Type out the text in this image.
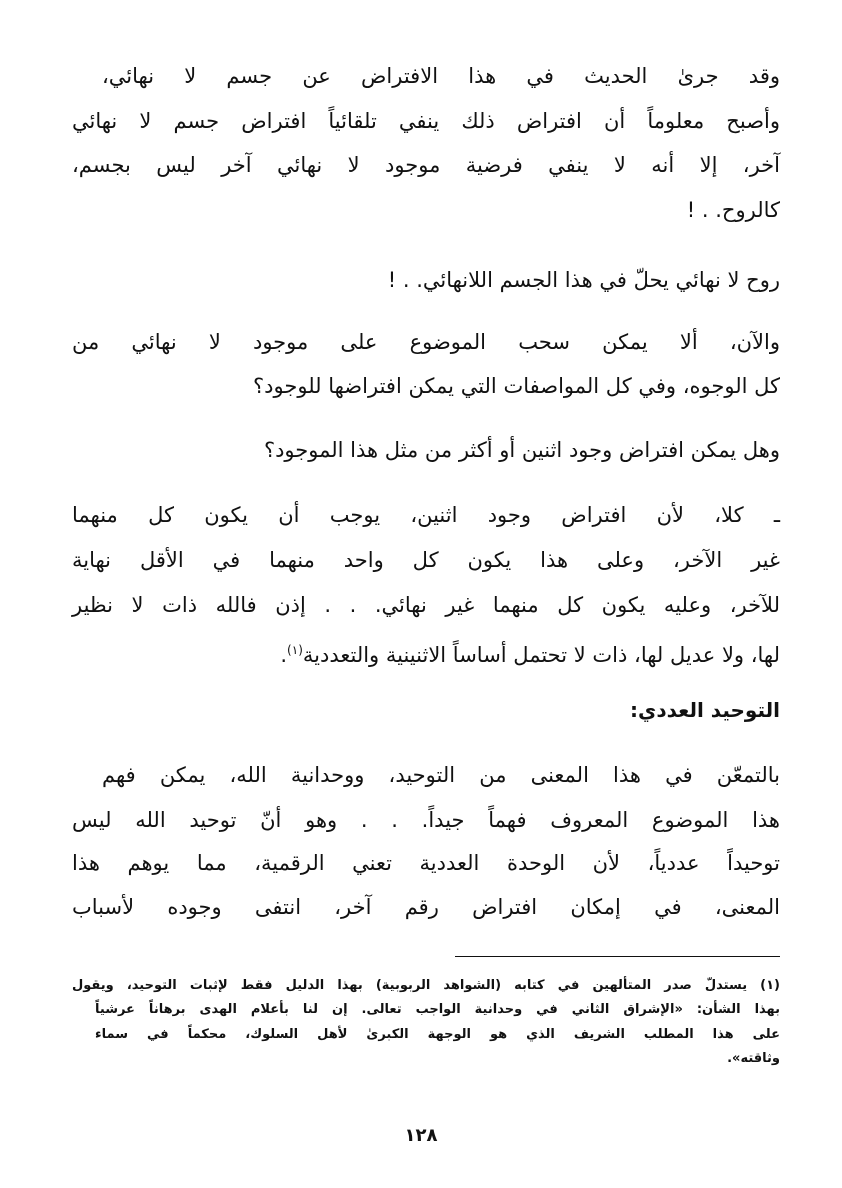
وقد جرىٰ الحديث في هذا الافتراض عن جسم لا نهائي،
وأصبح معلوماً أن افتراض ذلك ينفي تلقائياً افتراض جسم لا نهائي
آخر، إلا أنه لا ينفي فرضية موجود لا نهائي آخر ليس بجسم،
كالروح. . !
روح لا نهائي يحلّ في هذا الجسم اللانهائي. . !
والآن، ألا يمكن سحب الموضوع على موجود لا نهائي من
كل الوجوه، وفي كل المواصفات التي يمكن افتراضها للوجود؟
وهل يمكن افتراض وجود اثنين أو أكثر من مثل هذا الموجود؟
ـ كلا، لأن افتراض وجود اثنين، يوجب أن يكون كل منهما
غير الآخر، وعلى هذا يكون كل واحد منهما في الأقل نهاية
للآخر، وعليه يكون كل منهما غير نهائي. . . إذن فالله ذات لا نظير
لها، ولا عديل لها، ذات لا تحتمل أساساً الاثنينية والتعددية$^{(١)}$.
التوحيد العددي:
بالتمعّن في هذا المعنى من التوحيد، ووحدانية الله، يمكن فهم
هذا الموضوع المعروف فهماً جيداً. . . وهو أنّ توحيد الله ليس
توحيداً عددياً، لأن الوحدة العددية تعني الرقمية، مما يوهم هذا
المعنى، في إمكان افتراض رقم آخر، انتفى وجوده لأسباب
(١) يستدلّ صدر المتألهين في كتابه (الشواهد الربوبية) بهذا الدليل فقط لإثبات التوحيد، ويقول
بهذا الشأن: «الإشراق الثاني في وحدانية الواجب تعالى. إن لنا بأعلام الهدى برهاناً عرشياً
على هذا المطلب الشريف الذي هو الوجهة الكبرىٰ لأهل السلوك، محكماً في سماء
وثاقته».
١٢٨
